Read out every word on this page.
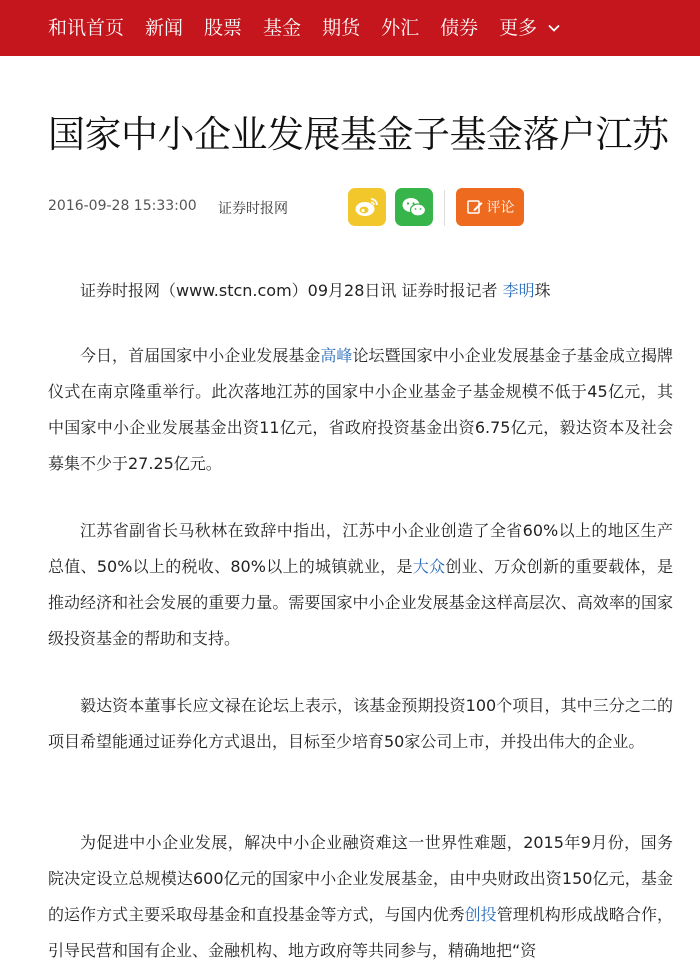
和讯首页 新闻 股票 基金 期货 外汇 债券 更多
国家中小企业发展基金子基金落户江苏
2016-09-28 15:33:00 证券时报网	评论

证券时报网（www.stcn.com）09月28日讯 证券时报记者 李明珠

今日，首届国家中小企业发展基金高峰论坛暨国家中小企业发展基金子基金成立揭牌仪式在南京隆重举行。此次落地江苏的国家中小企业基金子基金规模不低于45亿元，其中国家中小企业发展基金出资11亿元，省政府投资基金出资6.75亿元，毅达资本及社会募集不少于27.25亿元。

江苏省副省长马秋林在致辞中指出，江苏中小企业创造了全省60%以上的地区生产总值、50%以上的税收、80%以上的城镇就业，是大众创业、万众创新的重要载体，是推动经济和社会发展的重要力量。需要国家中小企业发展基金这样高层次、高效率的国家级投资基金的帮助和支持。

毅达资本董事长应文禄在论坛上表示，该基金预期投资100个项目，其中三分之二的项目希望能通过证券化方式退出，目标至少培育50家公司上市，并投出伟大的企业。

为促进中小企业发展，解决中小企业融资难这一世界性难题，2015年9月份，国务院决定设立总规模达600亿元的国家中小企业发展基金，由中央财政出资150亿元，基金的运作方式主要采取母基金和直投基金等方式，与国内优秀创投管理机构形成战略合作，引导民营和国有企业、金融机构、地方政府等共同参与，精确地把“资
